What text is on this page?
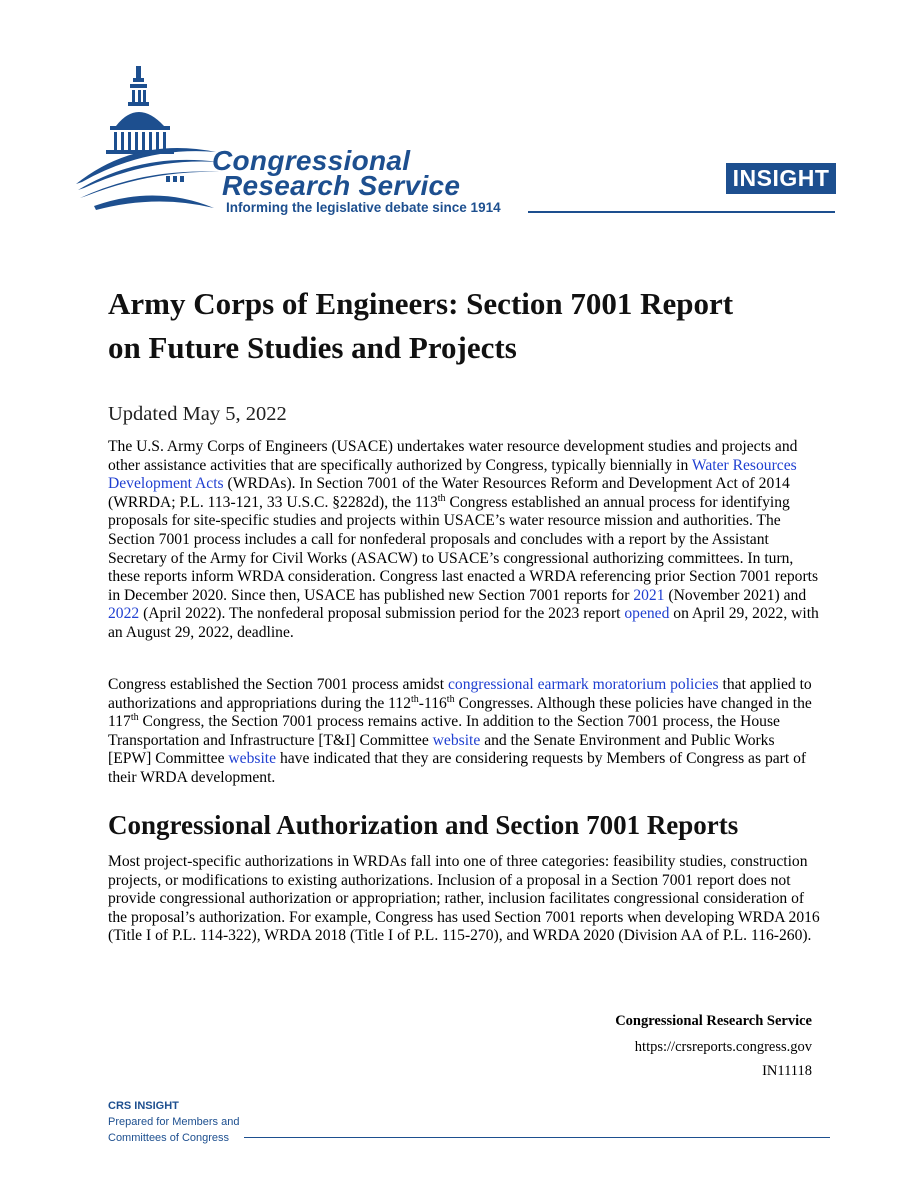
Congressional
Research Service
Informing the legislative debate since 1914
INSIGHT
Army Corps of Engineers: Section 7001 Report
on Future Studies and Projects
Updated May 5, 2022

The U.S. Army Corps of Engineers (USACE) undertakes water resource development studies and projects and other assistance activities that are specifically authorized by Congress, typically biennially in Water Resources Development Acts (WRDAs). In Section 7001 of the Water Resources Reform and Development Act of 2014 (WRRDA; P.L. 113-121, 33 U.S.C. §2282d), the 113th Congress established an annual process for identifying proposals for site-specific studies and projects within USACE’s water resource mission and authorities. The Section 7001 process includes a call for nonfederal proposals and concludes with a report by the Assistant Secretary of the Army for Civil Works (ASACW) to USACE’s congressional authorizing committees. In turn, these reports inform WRDA consideration. Congress last enacted a WRDA referencing prior Section 7001 reports in December 2020. Since then, USACE has published new Section 7001 reports for 2021 (November 2021) and 2022 (April 2022). The nonfederal proposal submission period for the 2023 report opened on April 29, 2022, with an August 29, 2022, deadline.

Congress established the Section 7001 process amidst congressional earmark moratorium policies that applied to authorizations and appropriations during the 112th-116th Congresses. Although these policies have changed in the 117th Congress, the Section 7001 process remains active. In addition to the Section 7001 process, the House Transportation and Infrastructure [T&I] Committee website and the Senate Environment and Public Works [EPW] Committee website have indicated that they are considering requests by Members of Congress as part of their WRDA development.

Congressional Authorization and Section 7001 Reports

Most project-specific authorizations in WRDAs fall into one of three categories: feasibility studies, construction projects, or modifications to existing authorizations. Inclusion of a proposal in a Section 7001 report does not provide congressional authorization or appropriation; rather, inclusion facilitates congressional consideration of the proposal’s authorization. For example, Congress has used Section 7001 reports when developing WRDA 2016 (Title I of P.L. 114-322), WRDA 2018 (Title I of P.L. 115-270), and WRDA 2020 (Division AA of P.L. 116-260).

Congressional Research Service
https://crsreports.congress.gov
IN11118
CRS INSIGHT
Prepared for Members and
Committees of Congress
